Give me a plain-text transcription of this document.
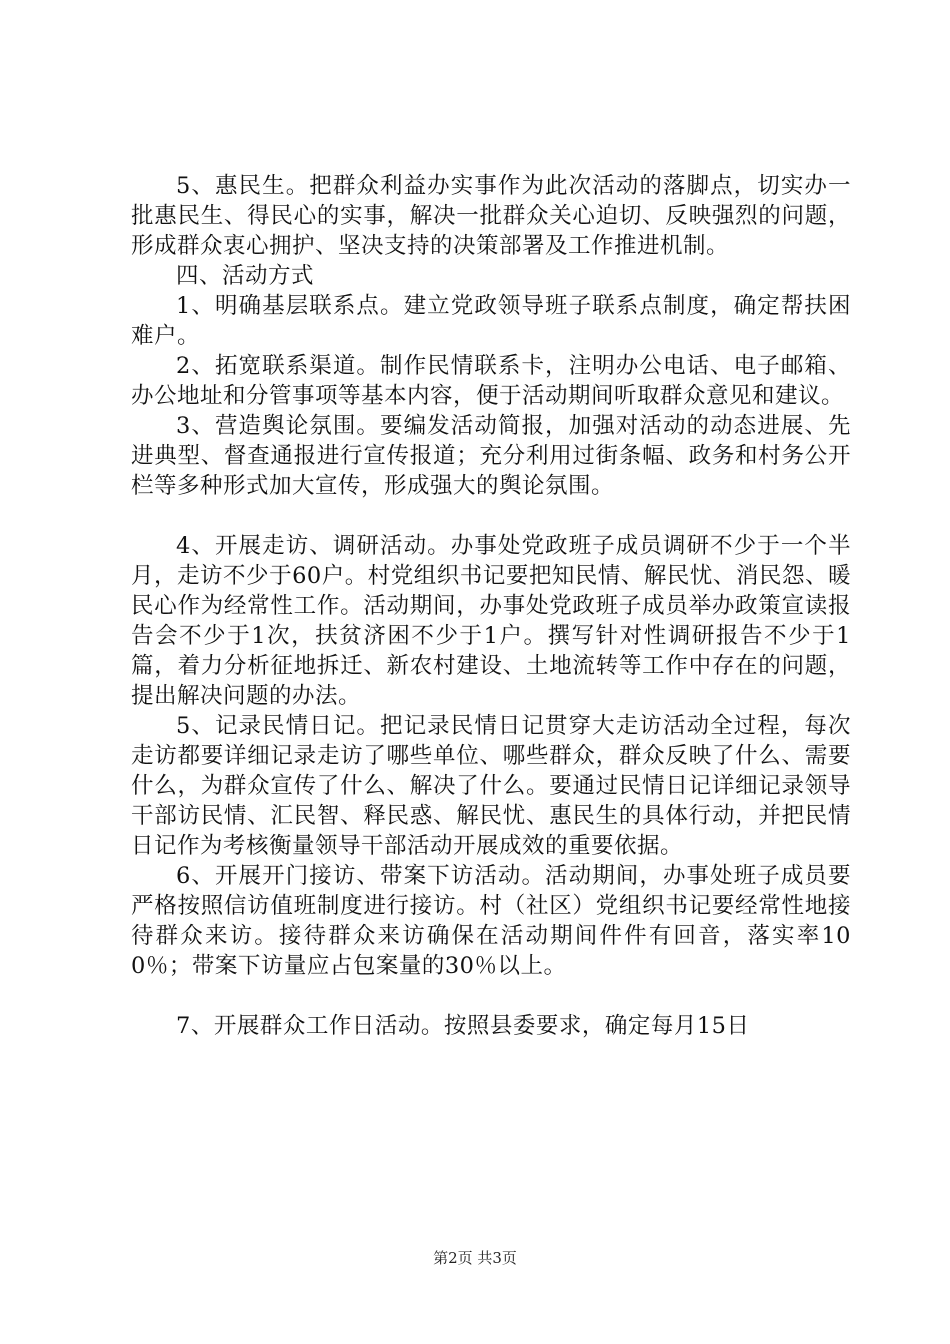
5、惠民生。把群众利益办实事作为此次活动的落脚点，切实办一批惠民生、得民心的实事，解决一批群众关心迫切、反映强烈的问题，形成群众衷心拥护、坚决支持的决策部署及工作推进机制。

四、活动方式

1、明确基层联系点。建立党政领导班子联系点制度，确定帮扶困难户。

2、拓宽联系渠道。制作民情联系卡，注明办公电话、电子邮箱、办公地址和分管事项等基本内容，便于活动期间听取群众意见和建议。

3、营造舆论氛围。要编发活动简报，加强对活动的动态进展、先进典型、督查通报进行宣传报道；充分利用过街条幅、政务和村务公开栏等多种形式加大宣传，形成强大的舆论氛围。

4、开展走访、调研活动。办事处党政班子成员调研不少于一个半月，走访不少于60户。村党组织书记要把知民情、解民忧、消民怨、暖民心作为经常性工作。活动期间，办事处党政班子成员举办政策宣读报告会不少于1次，扶贫济困不少于1户。撰写针对性调研报告不少于1篇，着力分析征地拆迁、新农村建设、土地流转等工作中存在的问题，提出解决问题的办法。

5、记录民情日记。把记录民情日记贯穿大走访活动全过程，每次走访都要详细记录走访了哪些单位、哪些群众，群众反映了什么、需要什么，为群众宣传了什么、解决了什么。要通过民情日记详细记录领导干部访民情、汇民智、释民惑、解民忧、惠民生的具体行动，并把民情日记作为考核衡量领导干部活动开展成效的重要依据。

6、开展开门接访、带案下访活动。活动期间，办事处班子成员要严格按照信访值班制度进行接访。村（社区）党组织书记要经常性地接待群众来访。接待群众来访确保在活动期间件件有回音，落实率100％；带案下访量应占包案量的30％以上。

7、开展群众工作日活动。按照县委要求，确定每月15日

第2页 共3页
